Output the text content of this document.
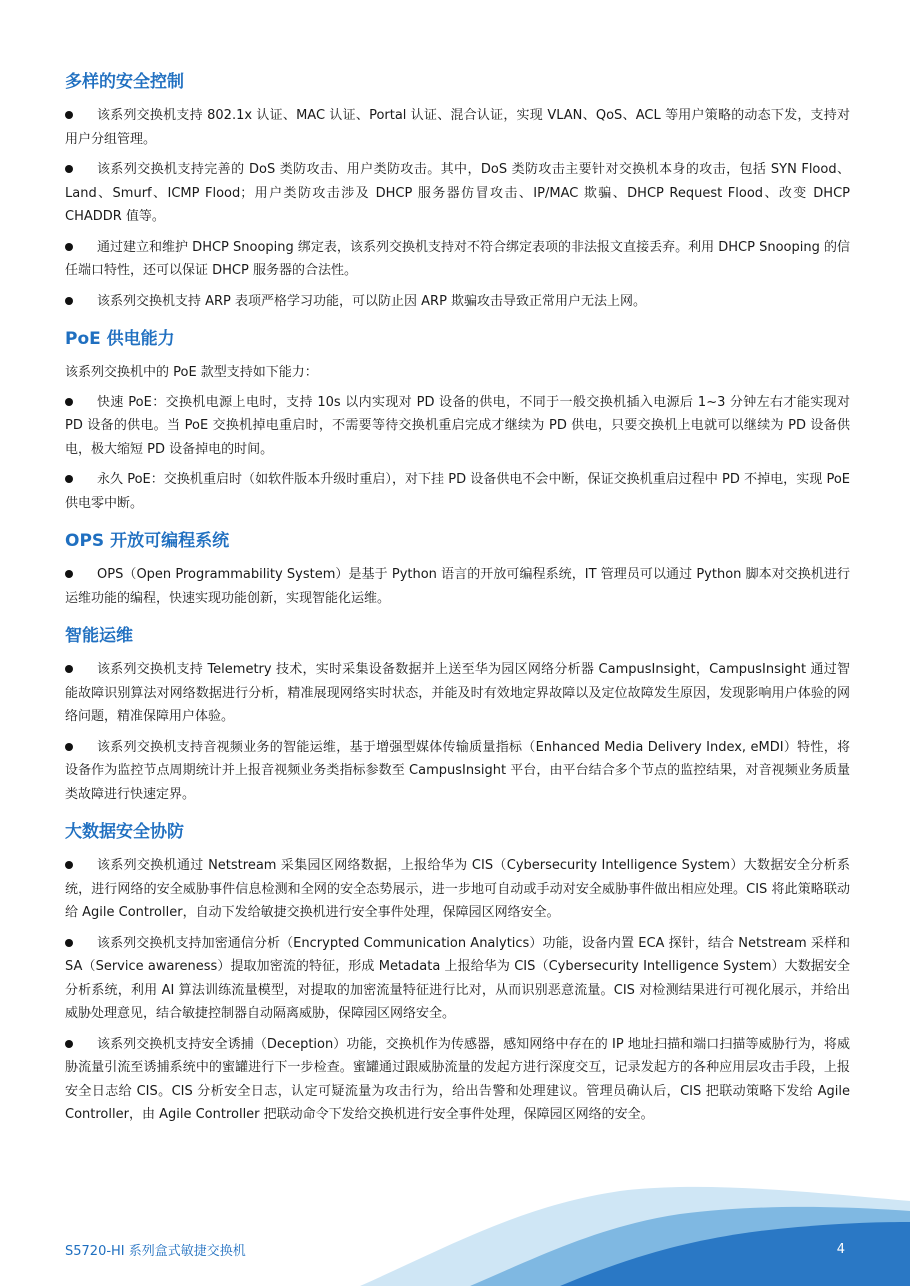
多样的安全控制
该系列交换机支持 802.1x 认证、MAC 认证、Portal 认证、混合认证，实现 VLAN、QoS、ACL 等用户策略的动态下发，支持对用户分组管理。
该系列交换机支持完善的 DoS 类防攻击、用户类防攻击。其中，DoS 类防攻击主要针对交换机本身的攻击，包括 SYN Flood、Land、Smurf、ICMP Flood；用户类防攻击涉及 DHCP 服务器仿冒攻击、IP/MAC 欺骗、DHCP Request Flood、改变 DHCP CHADDR 值等。
通过建立和维护 DHCP Snooping 绑定表，该系列交换机支持对不符合绑定表项的非法报文直接丢弃。利用 DHCP Snooping 的信任端口特性，还可以保证 DHCP 服务器的合法性。
该系列交换机支持 ARP 表项严格学习功能，可以防止因 ARP 欺骗攻击导致正常用户无法上网。
PoE 供电能力

该系列交换机中的 PoE 款型支持如下能力：

快速 PoE：交换机电源上电时，支持 10s 以内实现对 PD 设备的供电，不同于一般交换机插入电源后 1~3 分钟左右才能实现对 PD 设备的供电。当 PoE 交换机掉电重启时，不需要等待交换机重启完成才继续为 PD 供电，只要交换机上电就可以继续为 PD 设备供电，极大缩短 PD 设备掉电的时间。
永久 PoE：交换机重启时（如软件版本升级时重启），对下挂 PD 设备供电不会中断，保证交换机重启过程中 PD 不掉电，实现 PoE 供电零中断。
OPS 开放可编程系统
OPS（Open Programmability System）是基于 Python 语言的开放可编程系统，IT 管理员可以通过 Python 脚本对交换机进行运维功能的编程，快速实现功能创新，实现智能化运维。
智能运维
该系列交换机支持 Telemetry 技术，实时采集设备数据并上送至华为园区网络分析器 CampusInsight，CampusInsight 通过智能故障识别算法对网络数据进行分析，精准展现网络实时状态，并能及时有效地定界故障以及定位故障发生原因，发现影响用户体验的网络问题，精准保障用户体验。
该系列交换机支持音视频业务的智能运维，基于增强型媒体传输质量指标（Enhanced Media Delivery Index, eMDI）特性，将设备作为监控节点周期统计并上报音视频业务类指标参数至 CampusInsight 平台，由平台结合多个节点的监控结果，对音视频业务质量类故障进行快速定界。
大数据安全协防
该系列交换机通过 Netstream 采集园区网络数据，上报给华为 CIS（Cybersecurity Intelligence System）大数据安全分析系统，进行网络的安全威胁事件信息检测和全网的安全态势展示，进一步地可自动或手动对安全威胁事件做出相应处理。CIS 将此策略联动给 Agile Controller，自动下发给敏捷交换机进行安全事件处理，保障园区网络安全。
该系列交换机支持加密通信分析（Encrypted Communication Analytics）功能，设备内置 ECA 探针，结合 Netstream 采样和 SA（Service awareness）提取加密流的特征，形成 Metadata 上报给华为 CIS（Cybersecurity Intelligence System）大数据安全分析系统，利用 AI 算法训练流量模型，对提取的加密流量特征进行比对，从而识别恶意流量。CIS 对检测结果进行可视化展示，并给出威胁处理意见，结合敏捷控制器自动隔离威胁，保障园区网络安全。
该系列交换机支持安全诱捕（Deception）功能，交换机作为传感器，感知网络中存在的 IP 地址扫描和端口扫描等威胁行为，将威胁流量引流至诱捕系统中的蜜罐进行下一步检查。蜜罐通过跟威胁流量的发起方进行深度交互，记录发起方的各种应用层攻击手段，上报安全日志给 CIS。CIS 分析安全日志，认定可疑流量为攻击行为，给出告警和处理建议。管理员确认后，CIS 把联动策略下发给 Agile Controller，由 Agile Controller 把联动命令下发给交换机进行安全事件处理，保障园区网络的安全。
S5720-HI 系列盒式敏捷交换机	4
